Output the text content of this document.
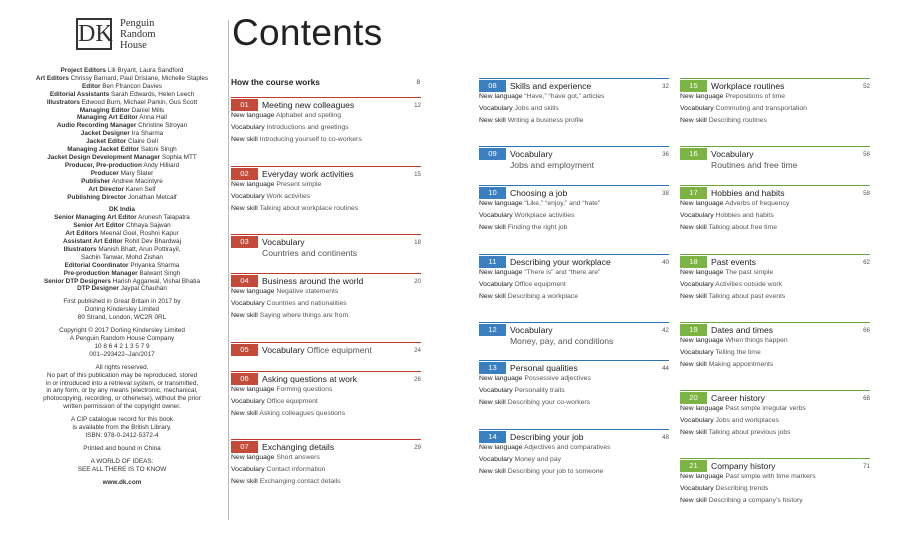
DK Penguin
Random
House
Project Editors Lili Bryant, Laura Sandford
Art Editors Chrissy Barnard, Paul Drislane, Michelle Staples
Editor Ben Ffrancon Davies
Editorial Assistants Sarah Edwards, Helen Leech
Illustrators Edwood Burn, Michael Parkin, Gus Scott
Managing Editor Daniel Mills
Managing Art Editor Anna Hall
Audio Recording Manager Christine Stroyan
Jacket Designer Ira Sharma
Jacket Editor Claire Gell
Managing Jacket Editor Saloni Singh
Jacket Design Development Manager Sophia MTT
Producer, Pre-production Andy Hilliard
Producer Mary Slater
Publisher Andrew Macintyre
Art Director Karen Self
Publishing Director Jonathan Metcalf
DK India
Senior Managing Art Editor Arunesh Talapatra
Senior Art Editor Chhaya Sajwan
Art Editors Meenal Goel, Roshni Kapur
Assistant Art Editor Rohit Dev Bhardwaj
Illustrators Manish Bhatt, Arun Pottirayil,
Sachin Tanwar, Mohd Zishan
Editorial Coordinator Priyanka Sharma
Pre-production Manager Balwant Singh
Senior DTP Designers Harish Aggarwal, Vishal Bhatia
DTP Designer Jaypal Chauhan
First published in Great Britain in 2017 by
Dorling Kindersley Limited
80 Strand, London, WC2R 0RL
Copyright © 2017 Dorling Kindersley Limited
A Penguin Random House Company
10 8 6 4 2 1 3 5 7 9
001–293422–Jan/2017
All rights reserved.
No part of this publication may be reproduced, stored
in or introduced into a retrieval system, or transmitted,
in any form, or by any means (electronic, mechanical,
photocopying, recording, or otherwise), without the prior
written permission of the copyright owner.
A CIP catalogue record for this book
is available from the British Library.
ISBN: 978-0-2412-5372-4
Printed and bound in China
A WORLD OF IDEAS:
SEE ALL THERE IS TO KNOW
www.dk.com
Contents
How the course works	8
01	Meeting new colleagues	12
New language Alphabet and spelling
Vocabulary Introductions and greetings
New skill Introducing yourself to co-workers
02	Everyday work activities	15
New language Present simple
Vocabulary Work activities
New skill Talking about workplace routines
03	Vocabulary	18
Countries and continents
04	Business around the world	20
New language Negative statements
Vocabulary Countries and nationalities
New skill Saying where things are from
05	Vocabulary Office equipment	24
06	Asking questions at work	26
New language Forming questions
Vocabulary Office equipment
New skill Asking colleagues questions
07	Exchanging details	29
New language Short answers
Vocabulary Contact information
New skill Exchanging contact details
08	Skills and experience	32
New language “Have,” “have got,” articles
Vocabulary Jobs and skills
New skill Writing a business profile
09	Vocabulary	36
Jobs and employment
10	Choosing a job	38
New language “Like,” “enjoy,” and “hate”
Vocabulary Workplace activities
New skill Finding the right job
11	Describing your workplace	40
New language “There is” and “there are”
Vocabulary Office equipment
New skill Describing a workplace
12	Vocabulary	42
Money, pay, and conditions
13	Personal qualities	44
New language Possessive adjectives
Vocabulary Personality traits
New skill Describing your co-workers
14	Describing your job	48
New language Adjectives and comparatives
Vocabulary Money and pay
New skill Describing your job to someone
15	Workplace routines	52
New language Prepositions of time
Vocabulary Commuting and transportation
New skill Describing routines
16	Vocabulary	56
Routines and free time
17	Hobbies and habits	58
New language Adverbs of frequency
Vocabulary Hobbies and habits
New skill Talking about free time
18	Past events	62
New language The past simple
Vocabulary Activities outside work
New skill Talking about past events
19	Dates and times	66
New language When things happen
Vocabulary Telling the time
New skill Making appointments
20	Career history	68
New language Past simple irregular verbs
Vocabulary Jobs and workplaces
New skill Talking about previous jobs
21	Company history	71
New language Past simple with time markers
Vocabulary Describing trends
New skill Describing a company’s history
